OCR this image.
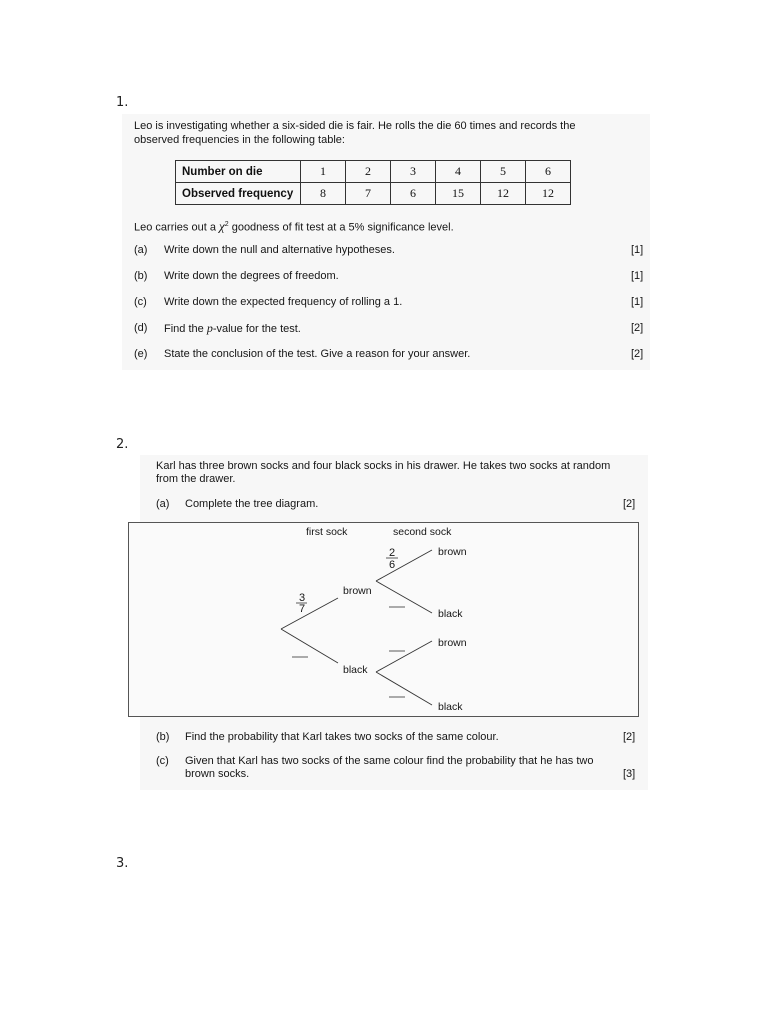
1.
Leo is investigating whether a six-sided die is fair. He rolls the die 60 times and records the
observed frequencies in the following table:
Number on die	1	2	3	4	5	6
Observed frequency	8	7	6	15	12	12
Leo carries out a $\chi^2$ goodness of fit test at a 5% significance level.
(a) Write down the null and alternative hypotheses.	[1]
(b) Write down the degrees of freedom.	[1]
(c) Write down the expected frequency of rolling a 1.	[1]
(d) Find the p-value for the test.	[2]
(e) State the conclusion of the test. Give a reason for your answer.	[2]
2.
Karl has three brown socks and four black socks in his drawer. He takes two socks at random
from the drawer.
(a) Complete the tree diagram.	[2]
first sock	second sock
3
7
2
6
brown
black
brown
black
brown
black
(b) Find the probability that Karl takes two socks of the same colour.	[2]
(c) Given that Karl has two socks of the same colour find the probability that he has two
brown socks.	[3]
3.
